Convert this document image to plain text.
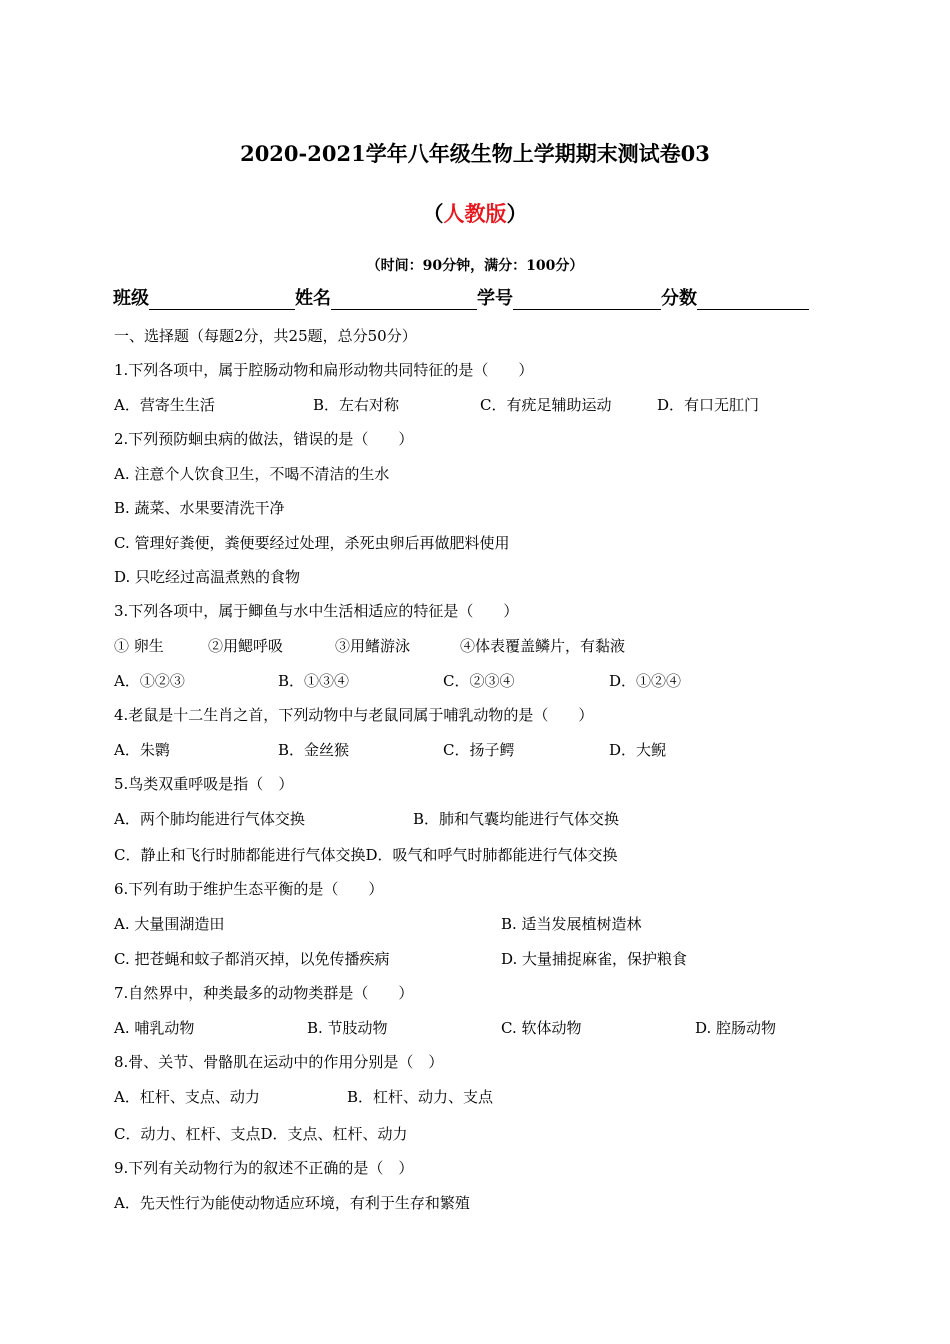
2020-2021学年八年级生物上学期期末测试卷03
（人教版）
（时间：90分钟，满分：100分）
班级	姓名	学号	分数
一、选择题（每题2分，共25题，总分50分）
1.下列各项中，属于腔肠动物和扁形动物共同特征的是（　　）
A．营寄生生活	B．左右对称	C．有疣足辅助运动	D．有口无肛门
2.下列预防蛔虫病的做法，错误的是（　　）
A. 注意个人饮食卫生，不喝不清洁的生水
B. 蔬菜、水果要清洗干净
C. 管理好粪便，粪便要经过处理，杀死虫卵后再做肥料使用
D. 只吃经过高温煮熟的食物
3.下列各项中，属于鲫鱼与水中生活相适应的特征是（　　）
① 卵生	②用鳃呼吸	③用鳍游泳	④体表覆盖鳞片，有黏液
A．①②③	B．①③④	C．②③④	D．①②④
4.老鼠是十二生肖之首，下列动物中与老鼠同属于哺乳动物的是（　　）
A．朱鹮	B．金丝猴	C．扬子鳄	D．大鲵
5.鸟类双重呼吸是指（　）
A．两个肺均能进行气体交换	B．肺和气囊均能进行气体交换
C．静止和飞行时肺都能进行气体交换D．吸气和呼气时肺都能进行气体交换
6.下列有助于维护生态平衡的是（　　）
A. 大量围湖造田	B. 适当发展植树造林
C. 把苍蝇和蚊子都消灭掉，以免传播疾病	D. 大量捕捉麻雀，保护粮食
7.自然界中，种类最多的动物类群是（　　）
A. 哺乳动物	B. 节肢动物	C. 软体动物	D. 腔肠动物
8.骨、关节、骨骼肌在运动中的作用分别是（　）
A．杠杆、支点、动力	B．杠杆、动力、支点
C．动力、杠杆、支点D．支点、杠杆、动力
9.下列有关动物行为的叙述不正确的是（　）
A．先天性行为能使动物适应环境，有利于生存和繁殖
